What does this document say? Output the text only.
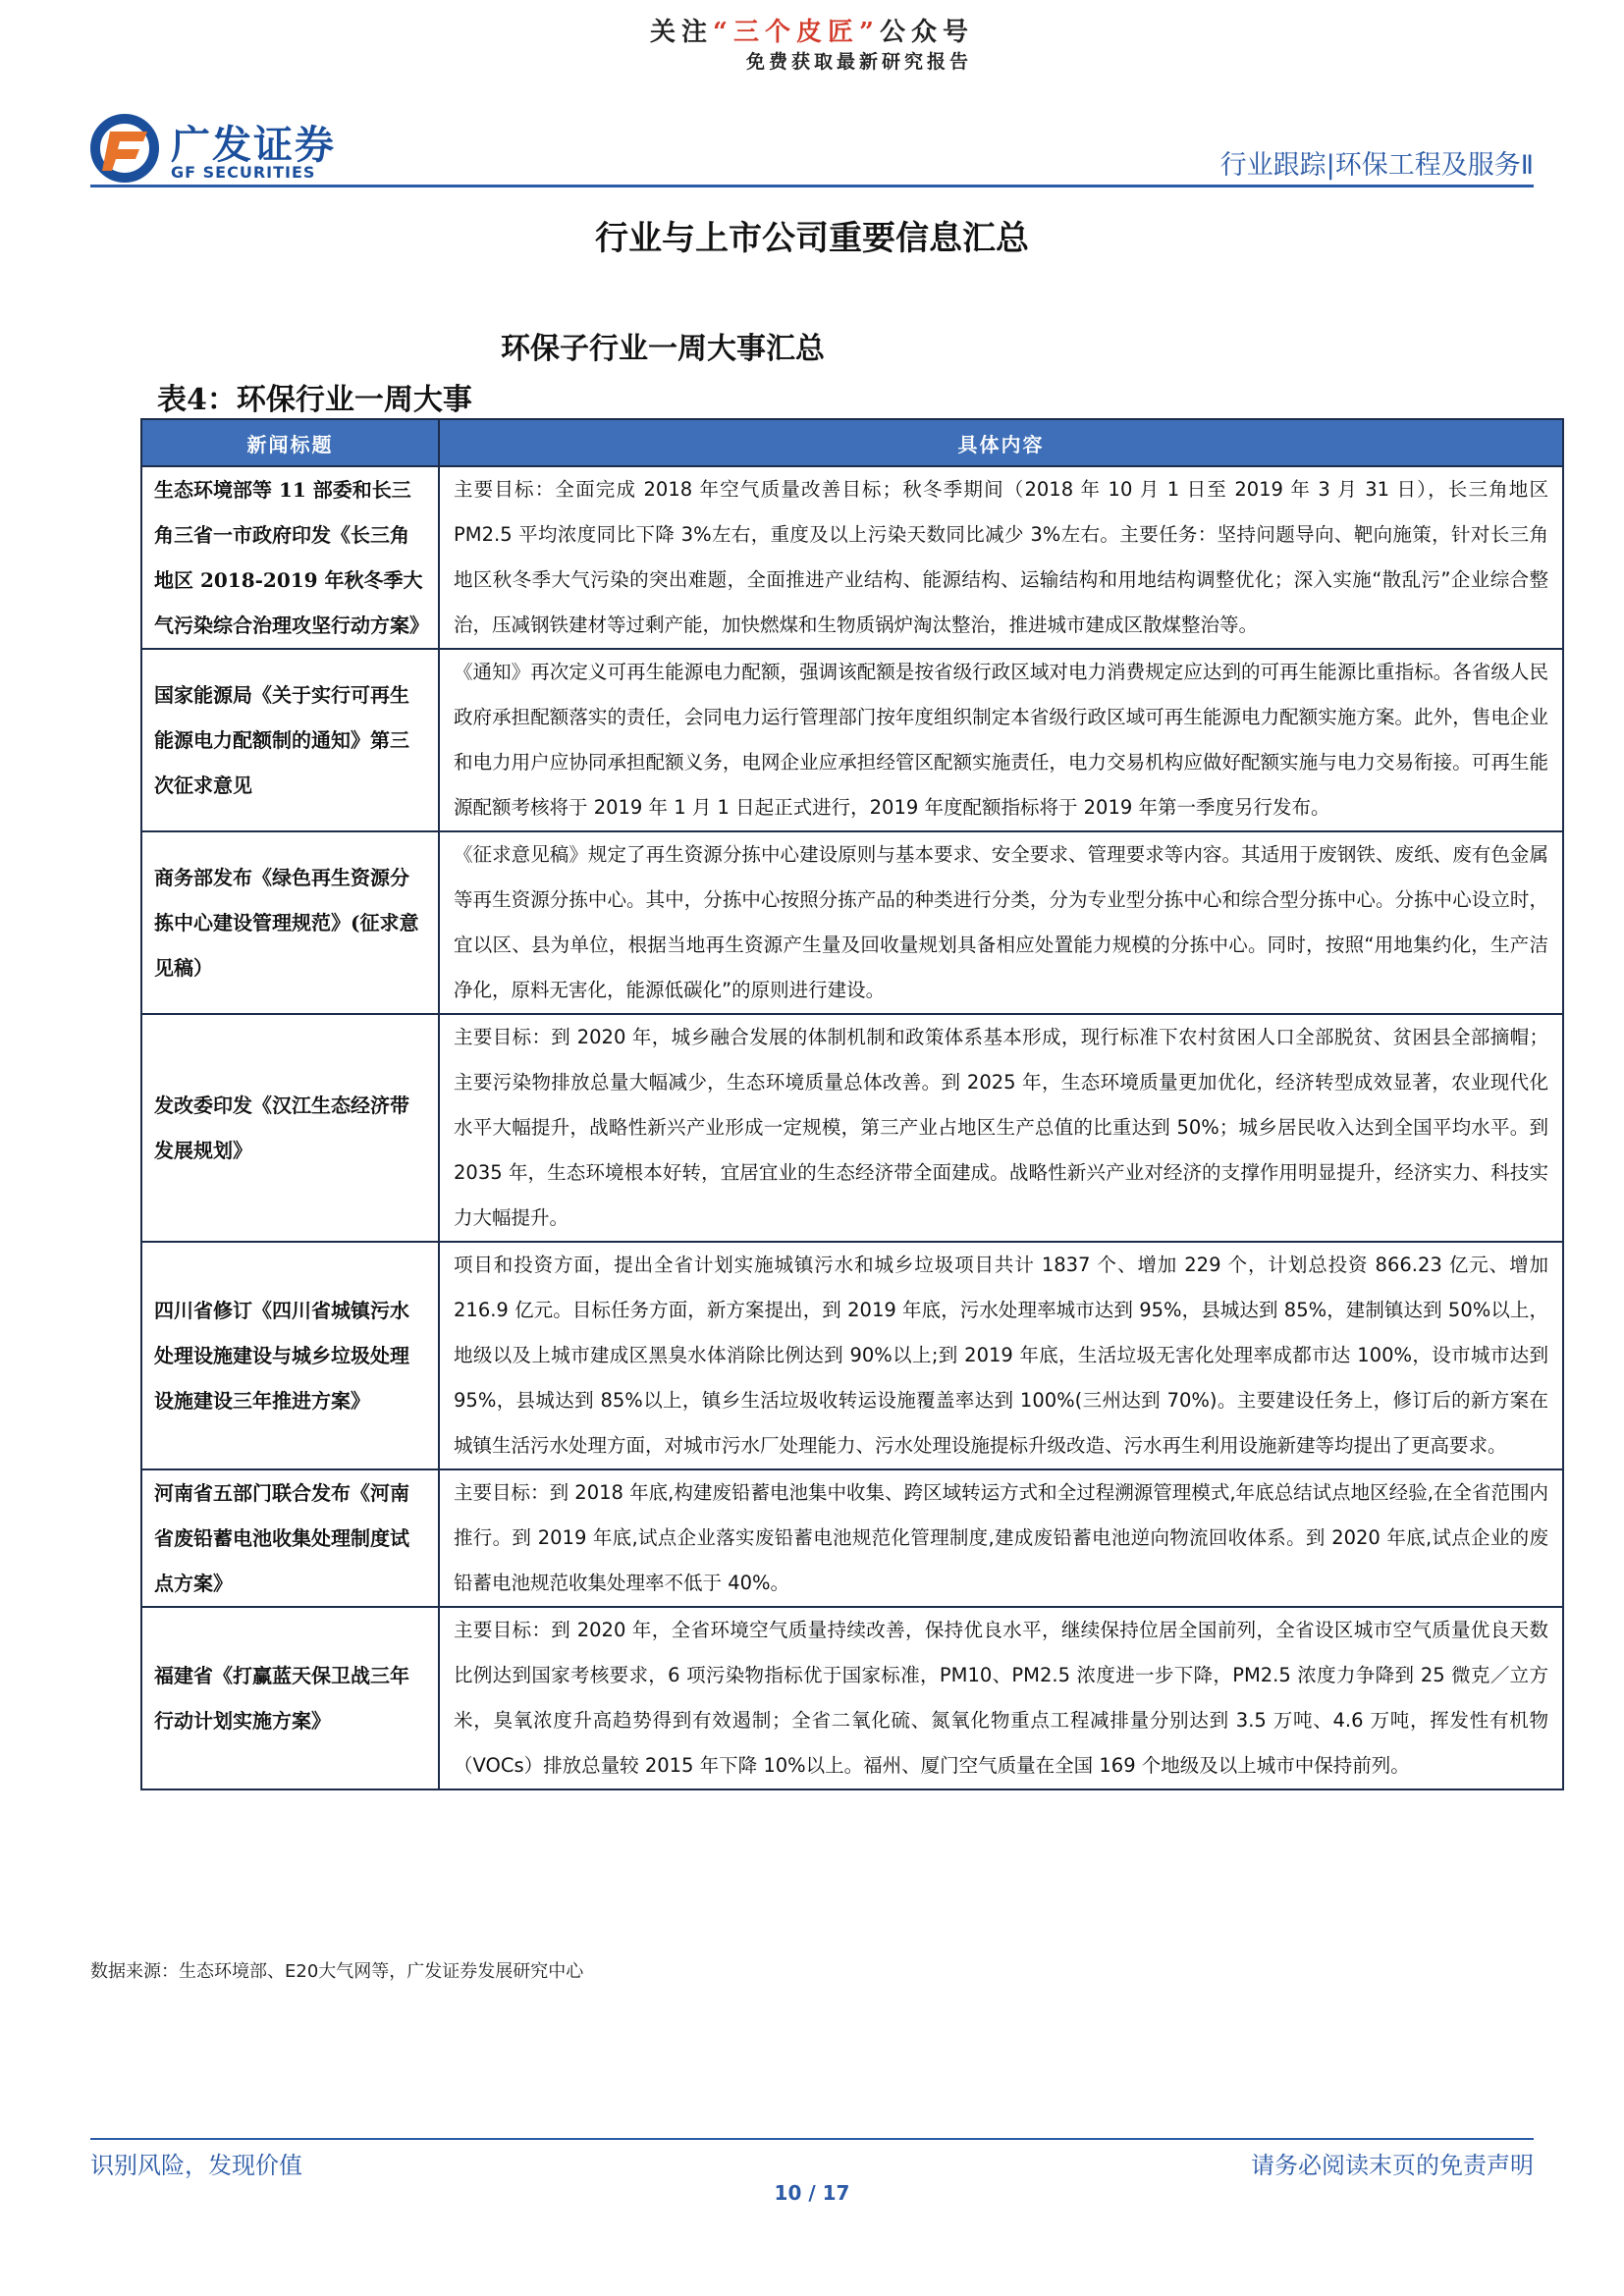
关注“三个皮匠”公众号
免费获取最新研究报告
广发证券
GF SECURITIES	行业跟踪|环保工程及服务Ⅱ
行业与上市公司重要信息汇总
环保子行业一周大事汇总
表4：环保行业一周大事
新闻标题	具体内容
生态环境部等 11 部委和长三角三省一市政府印发《长三角地区 2018-2019 年秋冬季大气污染综合治理攻坚行动方案》	主要目标：全面完成 2018 年空气质量改善目标；秋冬季期间（2018 年 10 月 1 日至 2019 年 3 月 31 日），长三角地区 PM2.5 平均浓度同比下降 3%左右，重度及以上污染天数同比减少 3%左右。主要任务：坚持问题导向、靶向施策，针对长三角地区秋冬季大气污染的突出难题，全面推进产业结构、能源结构、运输结构和用地结构调整优化；深入实施“散乱污”企业综合整治，压减钢铁建材等过剩产能，加快燃煤和生物质锅炉淘汰整治，推进城市建成区散煤整治等。
国家能源局《关于实行可再生能源电力配额制的通知》第三次征求意见	《通知》再次定义可再生能源电力配额，强调该配额是按省级行政区域对电力消费规定应达到的可再生能源比重指标。各省级人民政府承担配额落实的责任，会同电力运行管理部门按年度组织制定本省级行政区域可再生能源电力配额实施方案。此外，售电企业和电力用户应协同承担配额义务，电网企业应承担经管区配额实施责任，电力交易机构应做好配额实施与电力交易衔接。可再生能源配额考核将于 2019 年 1 月 1 日起正式进行，2019 年度配额指标将于 2019 年第一季度另行发布。
商务部发布《绿色再生资源分拣中心建设管理规范》(征求意见稿）	《征求意见稿》规定了再生资源分拣中心建设原则与基本要求、安全要求、管理要求等内容。其适用于废钢铁、废纸、废有色金属等再生资源分拣中心。其中，分拣中心按照分拣产品的种类进行分类，分为专业型分拣中心和综合型分拣中心。分拣中心设立时，宜以区、县为单位，根据当地再生资源产生量及回收量规划具备相应处置能力规模的分拣中心。同时，按照“用地集约化，生产洁净化，原料无害化，能源低碳化”的原则进行建设。
发改委印发《汉江生态经济带发展规划》	主要目标：到 2020 年，城乡融合发展的体制机制和政策体系基本形成，现行标准下农村贫困人口全部脱贫、贫困县全部摘帽；主要污染物排放总量大幅减少，生态环境质量总体改善。到 2025 年，生态环境质量更加优化，经济转型成效显著，农业现代化水平大幅提升，战略性新兴产业形成一定规模，第三产业占地区生产总值的比重达到 50%；城乡居民收入达到全国平均水平。到 2035 年，生态环境根本好转，宜居宜业的生态经济带全面建成。战略性新兴产业对经济的支撑作用明显提升，经济实力、科技实力大幅提升。
四川省修订《四川省城镇污水处理设施建设与城乡垃圾处理设施建设三年推进方案》	项目和投资方面，提出全省计划实施城镇污水和城乡垃圾项目共计 1837 个、增加 229 个，计划总投资 866.23 亿元、增加 216.9 亿元。目标任务方面，新方案提出，到 2019 年底，污水处理率城市达到 95%，县城达到 85%，建制镇达到 50%以上，地级以及上城市建成区黑臭水体消除比例达到 90%以上;到 2019 年底，生活垃圾无害化处理率成都市达 100%，设市城市达到 95%，县城达到 85%以上，镇乡生活垃圾收转运设施覆盖率达到 100%(三州达到 70%)。主要建设任务上，修订后的新方案在城镇生活污水处理方面，对城市污水厂处理能力、污水处理设施提标升级改造、污水再生利用设施新建等均提出了更高要求。
河南省五部门联合发布《河南省废铅蓄电池收集处理制度试点方案》	主要目标：到 2018 年底,构建废铅蓄电池集中收集、跨区域转运方式和全过程溯源管理模式,年底总结试点地区经验,在全省范围内推行。到 2019 年底,试点企业落实废铅蓄电池规范化管理制度,建成废铅蓄电池逆向物流回收体系。到 2020 年底,试点企业的废铅蓄电池规范收集处理率不低于 40%。
福建省《打赢蓝天保卫战三年行动计划实施方案》	主要目标：到 2020 年，全省环境空气质量持续改善，保持优良水平，继续保持位居全国前列，全省设区城市空气质量优良天数比例达到国家考核要求，6 项污染物指标优于国家标准，PM10、PM2.5 浓度进一步下降，PM2.5 浓度力争降到 25 微克／立方米，臭氧浓度升高趋势得到有效遏制；全省二氧化硫、氮氧化物重点工程减排量分别达到 3.5 万吨、4.6 万吨，挥发性有机物（VOCs）排放总量较 2015 年下降 10%以上。福州、厦门空气质量在全国 169 个地级及以上城市中保持前列。
数据来源：生态环境部、E20大气网等，广发证券发展研究中心
识别风险，发现价值	请务必阅读末页的免责声明
10 / 17
